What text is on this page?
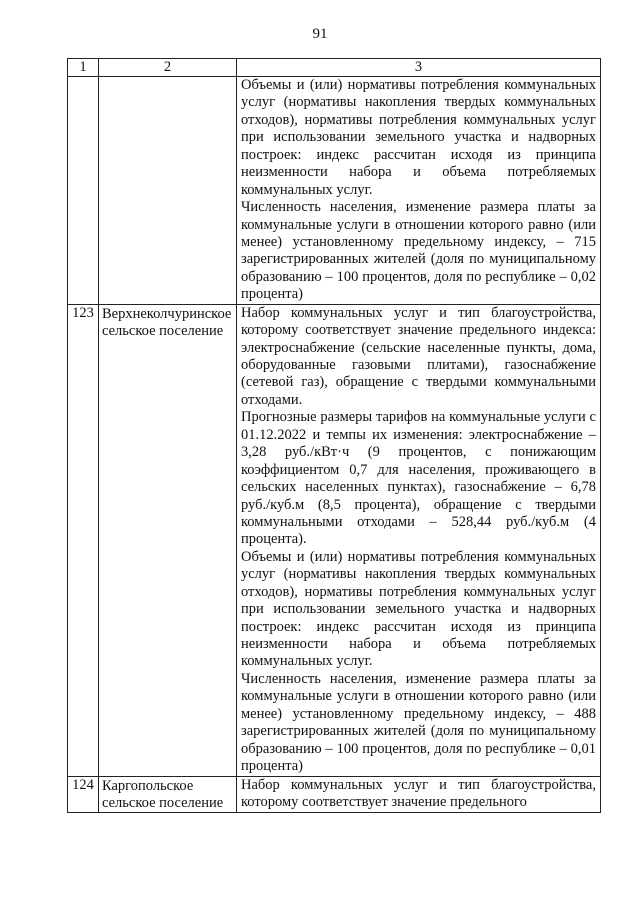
91
1	2	3

		Объемы и (или) нормативы потребления коммунальных услуг (нормативы накопления твердых коммунальных отходов), нормативы потребления коммунальных услуг при использовании земельного участка и надворных построек: индекс рассчитан исходя из принципа неизменности набора и объема потребляемых коммунальных услуг.

Численность населения, изменение размера платы за коммунальные услуги в отношении которого равно (или менее) установленному предельному индексу, – 715 зарегистрированных жителей (доля по муниципальному образованию – 100 процентов, доля по республике – 0,02 процента)

123	Верхнеколчуринское сельское поселение	Набор коммунальных услуг и тип благоустройства, которому соответствует значение предельного индекса: электроснабжение (сельские населенные пункты, дома, оборудованные газовыми плитами), газоснабжение (сетевой газ), обращение с твердыми коммунальными отходами.

Прогнозные размеры тарифов на коммунальные услуги с 01.12.2022 и темпы их изменения: электроснабжение – 3,28 руб./кВт·ч (9 процентов, с понижающим коэффициентом 0,7 для населения, проживающего в сельских населенных пунктах), газоснабжение – 6,78 руб./куб.м (8,5 процента), обращение с твердыми коммунальными отходами – 528,44 руб./куб.м (4 процента).

Объемы и (или) нормативы потребления коммунальных услуг (нормативы накопления твердых коммунальных отходов), нормативы потребления коммунальных услуг при использовании земельного участка и надворных построек: индекс рассчитан исходя из принципа неизменности набора и объема потребляемых коммунальных услуг.

Численность населения, изменение размера платы за коммунальные услуги в отношении которого равно (или менее) установленному предельному индексу, – 488 зарегистрированных жителей (доля по муниципальному образованию – 100 процентов, доля по республике – 0,01 процента)

124	Каргопольское сельское поселение	Набор коммунальных услуг и тип благоустройства, которому соответствует значение предельного
